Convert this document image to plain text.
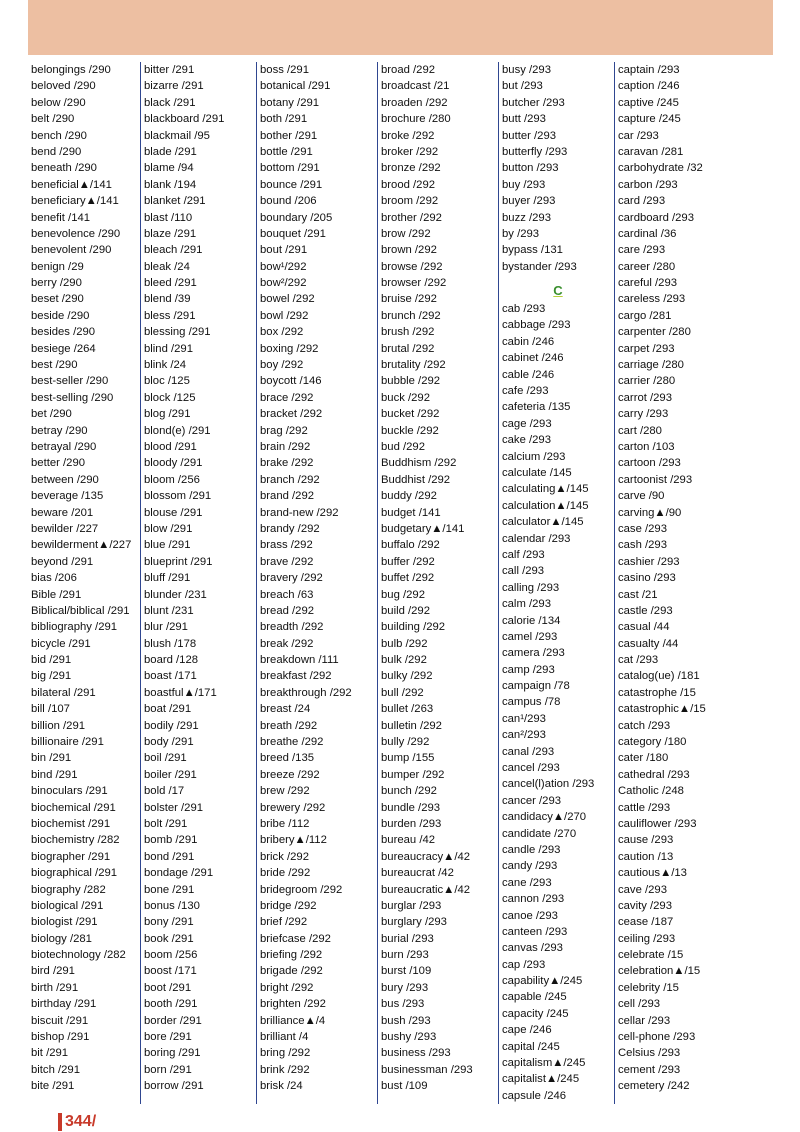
belongings /290
beloved /290
below /290
belt /290
bench /290
bend /290
beneath /290
beneficial▲/141
beneficiary▲/141
benefit /141
benevolence /290
benevolent /290
benign /29
berry /290
beset /290
beside /290
besides /290
besiege /264
best /290
best-seller /290
best-selling /290
bet /290
betray /290
betrayal /290
better /290
between /290
beverage /135
beware /201
bewilder /227
bewilderment▲/227
beyond /291
bias /206
Bible /291
Biblical/biblical /291
bibliography /291
bicycle /291
bid /291
big /291
bilateral /291
bill /107
billion /291
billionaire /291
bin /291
bind /291
binoculars /291
biochemical /291
biochemist /291
biochemistry /282
biographer /291
biographical /291
biography /282
biological /291
biologist /291
biology /281
biotechnology /282
bird /291
birth /291
birthday /291
biscuit /291
bishop /291
bit /291
bitch /291
bite /291
bitter /291
bizarre /291
black /291
blackboard /291
blackmail /95
blade /291
blame /94
blank /194
blanket /291
blast /110
blaze /291
bleach /291
bleak /24
bleed /291
blend /39
bless /291
blessing /291
blind /291
blink /24
bloc /125
block /125
blog /291
blond(e) /291
blood /291
bloody /291
bloom /256
blossom /291
blouse /291
blow /291
blue /291
blueprint /291
bluff /291
blunder /231
blunt /231
blur /291
blush /178
board /128
boast /171
boastful▲/171
boat /291
bodily /291
body /291
boil /291
boiler /291
bold /17
bolster /291
bolt /291
bomb /291
bond /291
bondage /291
bone /291
bonus /130
bony /291
book /291
boom /256
boost /171
boot /291
booth /291
border /291
bore /291
boring /291
born /291
borrow /291
boss /291
botanical /291
botany /291
both /291
bother /291
bottle /291
bottom /291
bounce /291
bound /206
boundary /205
bouquet /291
bout /291
bow¹/292
bow²/292
bowel /292
bowl /292
box /292
boxing /292
boy /292
boycott /146
brace /292
bracket /292
brag /292
brain /292
brake /292
branch /292
brand /292
brand-new /292
brandy /292
brass /292
brave /292
bravery /292
breach /63
bread /292
breadth /292
break /292
breakdown /111
breakfast /292
breakthrough /292
breast /24
breath /292
breathe /292
breed /135
breeze /292
brew /292
brewery /292
bribe /112
bribery▲/112
brick /292
bride /292
bridegroom /292
bridge /292
brief /292
briefcase /292
briefing /292
brigade /292
bright /292
brighten /292
brilliance▲/4
brilliant /4
bring /292
brink /292
brisk /24
broad /292
broadcast /21
broaden /292
brochure /280
broke /292
broker /292
bronze /292
brood /292
broom /292
brother /292
brow /292
brown /292
browse /292
browser /292
bruise /292
brunch /292
brush /292
brutal /292
brutality /292
bubble /292
buck /292
bucket /292
buckle /292
bud /292
Buddhism /292
Buddhist /292
buddy /292
budget /141
budgetary▲/141
buffalo /292
buffer /292
buffet /292
bug /292
build /292
building /292
bulb /292
bulk /292
bulky /292
bull /292
bullet /263
bulletin /292
bully /292
bump /155
bumper /292
bunch /292
bundle /293
burden /293
bureau /42
bureaucracy▲/42
bureaucrat /42
bureaucratic▲/42
burglar /293
burglary /293
burial /293
burn /293
burst /109
bury /293
bus /293
bush /293
bushy /293
business /293
businessman /293
bust /109
busy /293
but /293
butcher /293
butt /293
butter /293
butterfly /293
button /293
buy /293
buyer /293
buzz /293
by /293
bypass /131
bystander /293
C
cab /293
cabbage /293
cabin /246
cabinet /246
cable /246
cafe /293
cafeteria /135
cage /293
cake /293
calcium /293
calculate /145
calculating▲/145
calculation▲/145
calculator▲/145
calendar /293
calf /293
call /293
calling /293
calm /293
calorie /134
camel /293
camera /293
camp /293
campaign /78
campus /78
can¹/293
can²/293
canal /293
cancel /293
cancel(l)ation /293
cancer /293
candidacy▲/270
candidate /270
candle /293
candy /293
cane /293
cannon /293
canoe /293
canteen /293
canvas /293
cap /293
capability▲/245
capable /245
capacity /245
cape /246
capital /245
capitalism▲/245
capitalist▲/245
capsule /246
captain /293
caption /246
captive /245
capture /245
car /293
caravan /281
carbohydrate /32
carbon /293
card /293
cardboard /293
cardinal /36
care /293
career /280
careful /293
careless /293
cargo /281
carpenter /280
carpet /293
carriage /280
carrier /280
carrot /293
carry /293
cart /280
carton /103
cartoon /293
cartoonist /293
carve /90
carving▲/90
case /293
cash /293
cashier /293
casino /293
cast /21
castle /293
casual /44
casualty /44
cat /293
catalog(ue) /181
catastrophe /15
catastrophic▲/15
catch /293
category /180
cater /180
cathedral /293
Catholic /248
cattle /293
cauliflower /293
cause /293
caution /13
cautious▲/13
cave /293
cavity /293
cease /187
ceiling /293
celebrate /15
celebration▲/15
celebrity /15
cell /293
cellar /293
cell-phone /293
Celsius /293
cement /293
cemetery /242
344/
